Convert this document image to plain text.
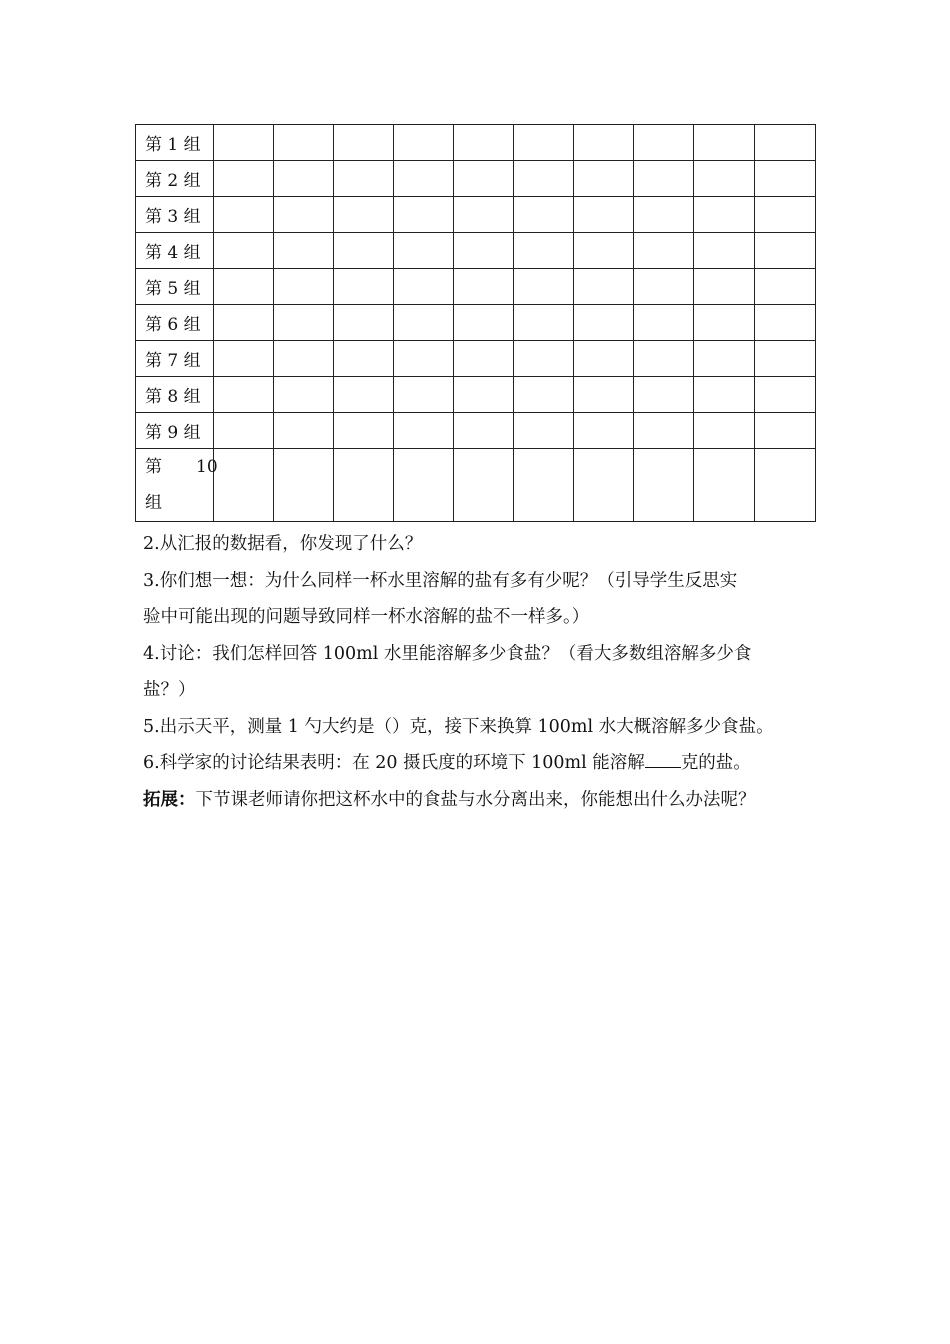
第 1 组										
第 2 组										
第 3 组										
第 4 组										
第 5 组										
第 6 组										
第 7 组										
第 8 组										
第 9 组										

第　　10
组										

2.从汇报的数据看，你发现了什么？
3.你们想一想：为什么同样一杯水里溶解的盐有多有少呢？（引导学生反思实
验中可能出现的问题导致同样一杯水溶解的盐不一样多。）
4.讨论：我们怎样回答 100ml 水里能溶解多少食盐？（看大多数组溶解多少食
盐？）
5.出示天平，测量 1 勺大约是（）克，接下来换算 100ml 水大概溶解多少食盐。
6.科学家的讨论结果表明：在 20 摄氏度的环境下 100ml 能溶解 克的盐。
拓展：下节课老师请你把这杯水中的食盐与水分离出来，你能想出什么办法呢？
